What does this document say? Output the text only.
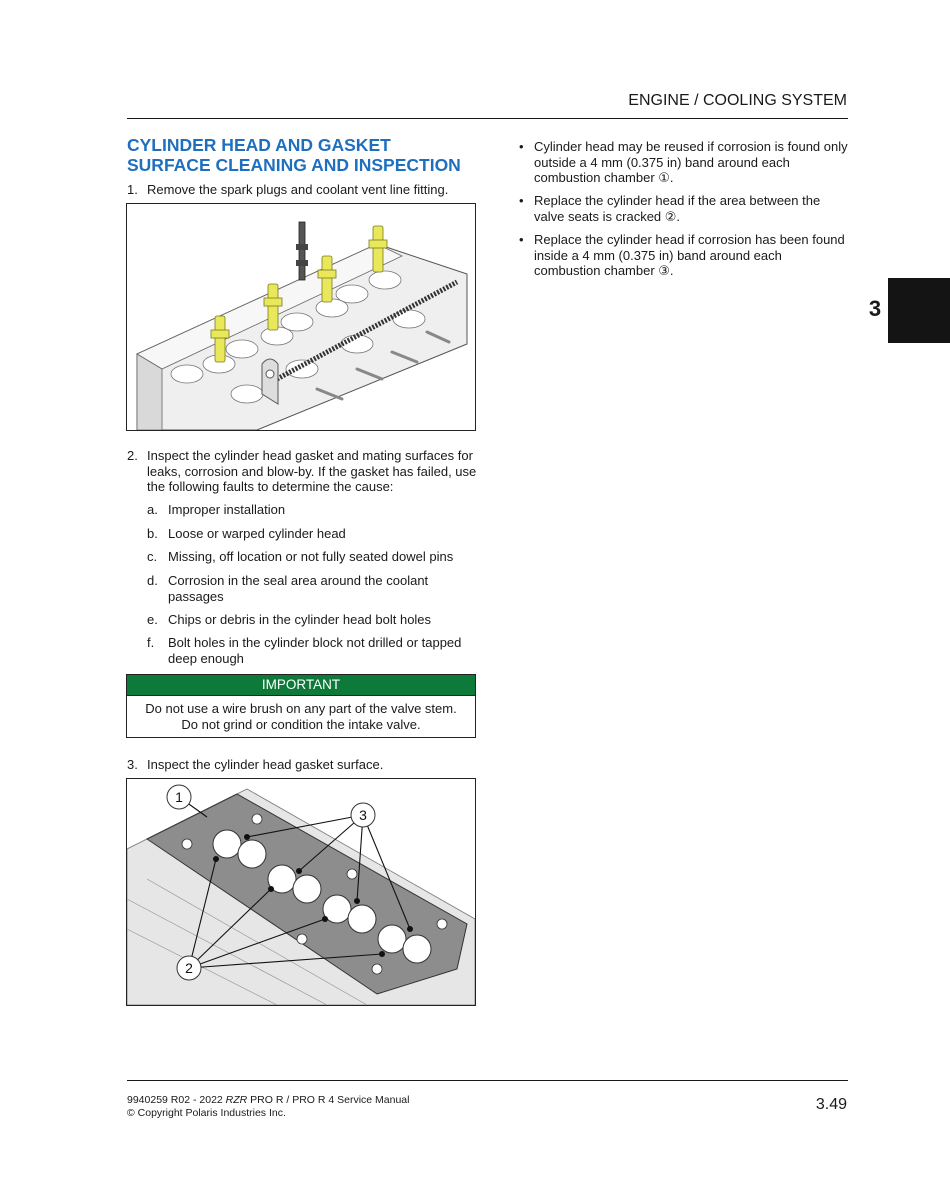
ENGINE / COOLING SYSTEM
3
CYLINDER HEAD AND GASKET
SURFACE CLEANING AND INSPECTION
1. Remove the spark plugs and coolant vent line fitting.
2. Inspect the cylinder head gasket and mating surfaces for leaks, corrosion and blow-by. If the gasket has failed, use the following faults to determine the cause:
a. Improper installation
b. Loose or warped cylinder head
c. Missing, off location or not fully seated dowel pins
d. Corrosion in the seal area around the coolant passages
e. Chips or debris in the cylinder head bolt holes
f. Bolt holes in the cylinder block not drilled or tapped deep enough
IMPORTANT
Do not use a wire brush on any part of the valve stem.
Do not grind or condition the intake valve.
3. Inspect the cylinder head gasket surface.
1
3
2
• Cylinder head may be reused if corrosion is found only outside a 4 mm (0.375 in) band around each combustion chamber ①.
• Replace the cylinder head if the area between the valve seats is cracked ②.
• Replace the cylinder head if corrosion has been found inside a 4 mm (0.375 in) band around each combustion chamber ③.
9940259 R02 - 2022 RZR PRO R / PRO R 4 Service Manual
© Copyright Polaris Industries Inc.	3.49
